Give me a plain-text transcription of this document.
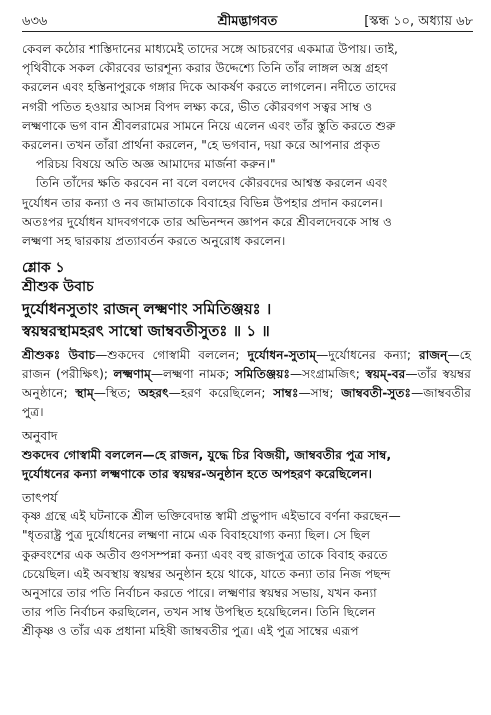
৬৩৬	শ্রীমদ্ভাগবত	[স্কন্ধ ১০, অধ্যায় ৬৮

কেবল কঠোর শাস্তিদানের মাধ্যমেই তাদের সঙ্গে আচরণের একমাত্র উপায়। তাই,

পৃথিবীকে সকল কৌরবের ভারশূন্য করার উদ্দেশ্যে তিনি তাঁর লাঙ্গল অস্ত্র গ্রহণ

করলেন এবং হস্তিনাপুরকে গঙ্গার দিকে আকর্ষণ করতে লাগলেন। নদীতে তাদের

নগরী পতিত হওয়ার আসন্ন বিপদ লক্ষ্য করে, ভীত কৌরবগণ সত্বর সাম্ব ও

লক্ষ্মণাকে ভগ বান শ্রীবলরামের সামনে নিয়ে এলেন এবং তাঁর স্তুতি করতে শুরু

করলেন। তখন তাঁরা প্রার্থনা করলেন, "হে ভগবান, দয়া করে আপনার প্রকৃত

পরিচয় বিষয়ে অতি অজ্ঞ আমাদের মার্জনা করুন।"

তিনি তাঁদের ক্ষতি করবেন না বলে বলদেব কৌরবদের আশ্বস্ত করলেন এবং

দুর্যোধন তার কন্যা ও নব জামাতাকে বিবাহের বিভিন্ন উপহার প্রদান করলেন।

অতঃপর দুর্যোধন যাদবগণকে তার অভিনন্দন জ্ঞাপন করে শ্রীবলদেবকে সাম্ব ও

লক্ষ্মণা সহ দ্বারকায় প্রত্যাবর্তন করতে অনুরোধ করলেন।

শ্লোক ১

শ্রীশুক উবাচ

দুর্যোধনসুতাং রাজন্ লক্ষ্মণাং সমিতিঞ্জয়ঃ ।

স্বয়ম্বরস্থামহরৎ সাম্বো জাম্ববতীসুতঃ ॥ ১ ॥

শ্রীশুকঃ উবাচ—শুকদেব গোস্বামী বললেন; দুর্যোধন-সুতাম্—দুর্যোধনের কন্যা; রাজন্—হে রাজন (পরীক্ষিৎ); লক্ষ্মণাম্—লক্ষ্মণা নামক; সমিতিঞ্জয়ঃ—সংগ্রামজিৎ; স্বয়ম্-বর—তাঁর স্বয়ম্বর অনুষ্ঠানে; স্থাম্—স্থিত; অহরৎ—হরণ করেছিলেন; সাম্বঃ—সাম্ব; জাম্ববতী-সুতঃ—জাম্ববতীর পুত্র।

অনুবাদ

শুকদেব গোস্বামী বললেন—হে রাজন, যুদ্ধে চির বিজয়ী, জাম্ববতীর পুত্র সাম্ব,

দুর্যোধনের কন্যা লক্ষ্মণাকে তার স্বয়ম্বর-অনুষ্ঠান হতে অপহরণ করেছিলেন।

তাৎপর্য

কৃষ্ণ গ্রন্থে এই ঘটনাকে শ্রীল ভক্তিবেদান্ত স্বামী প্রভুপাদ এইভাবে বর্ণনা করছেন—

"ধৃতরাষ্ট্র পুত্র দুর্যোধনের লক্ষ্মণা নামে এক বিবাহযোগ্য কন্যা ছিল। সে ছিল

কুরুবংশের এক অতীব গুণসম্পন্না কন্যা এবং বহু রাজপুত্র তাকে বিবাহ করতে

চেয়েছিল। এই অবস্থায় স্বয়ম্বর অনুষ্ঠান হয়ে থাকে, যাতে কন্যা তার নিজ পছন্দ

অনুসারে তার পতি নির্বাচন করতে পারে। লক্ষ্মণার স্বয়ম্বর সভায়, যখন কন্যা

তার পতি নির্বাচন করছিলেন, তখন সাম্ব উপস্থিত হয়েছিলেন। তিনি ছিলেন

শ্রীকৃষ্ণ ও তাঁর এক প্রধানা মহিষী জাম্ববতীর পুত্র। এই পুত্র সাম্বের এরূপ
